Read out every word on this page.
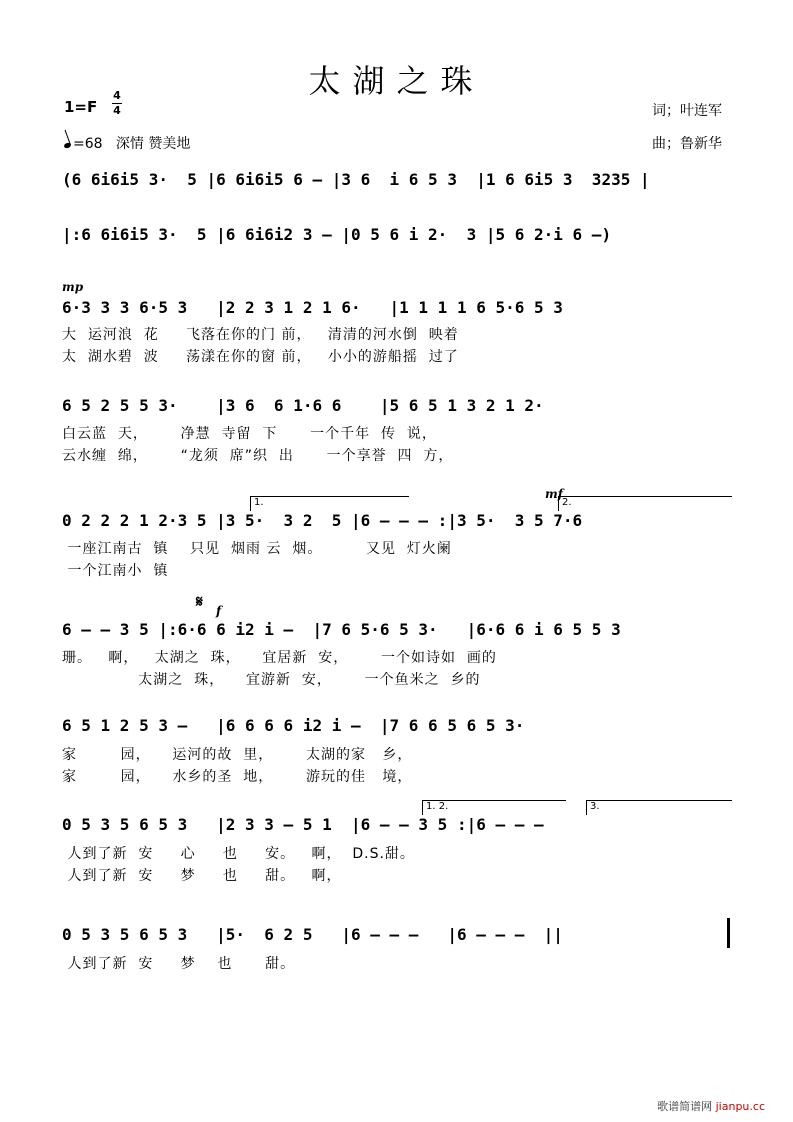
太湖之珠
1=F
4
4
=68 深情 赞美地
词；叶连军
曲；鲁新华
(6 6i6i5 3·  5 |6 6i6i5 6 – |3 6  i 6 5 3  |1 6 6i5 3  3235 |
|:6 6i6i5 3·  5 |6 6i6i2 3 – |0 5 6 i 2·  3 |5 6 2·i 6 –)
mp
6·3 3 3 6·5 3   |2 2 3 1 2 1 6·   |1 1 1 1 6 5·6 5 3
大  运河浪  花     飞落在你的门 前，   清清的河水倒  映着
太  湖水碧  波     荡漾在你的窗 前，   小小的游船摇  过了
6 5 2 5 5 3·    |3 6  6 1·6 6    |5 6 5 1 3 2 1 2·
白云蓝  天，      净慧  寺留  下      一个千年  传  说，
云水缠  绵，      “龙须  席”织  出      一个享誉  四  方，
1.
mf
2.
0 2 2 2 1 2·3 5 |3 5·  3 2  5 |6 – – – :|3 5·  3 5 7·6
一座江南古  镇    只见  烟雨 云  烟。        又见  灯火阑
一个江南小  镇
𝄋 f
6 – – 3 5 |:6·6 6 i2 i –  |7 6 5·6 5 3·   |6·6 6 i 6 5 5 3
珊。   啊，   太湖之  珠，    宜居新  安，      一个如诗如  画的
太湖之  珠，    宜游新  安，      一个鱼米之  乡的
6 5 1 2 5 3 –   |6 6 6 6 i2 i –  |7 6 6 5 6 5 3·
家        园，    运河的故  里，      太湖的家   乡，
家        园，    水乡的圣  地，      游玩的佳   境，
1. 2.	3.
0 5 3 5 6 5 3   |2 3 3 – 5 1  |6 – – 3 5 :|6 – – –
人到了新  安     心     也     安。   啊，  D.S.甜。
人到了新  安     梦     也     甜。   啊，
0 5 3 5 6 5 3   |5·  6 2 5   |6 – – –   |6 – – –  ||
人到了新  安     梦    也      甜。
歌谱简谱网 jianpu.cc
